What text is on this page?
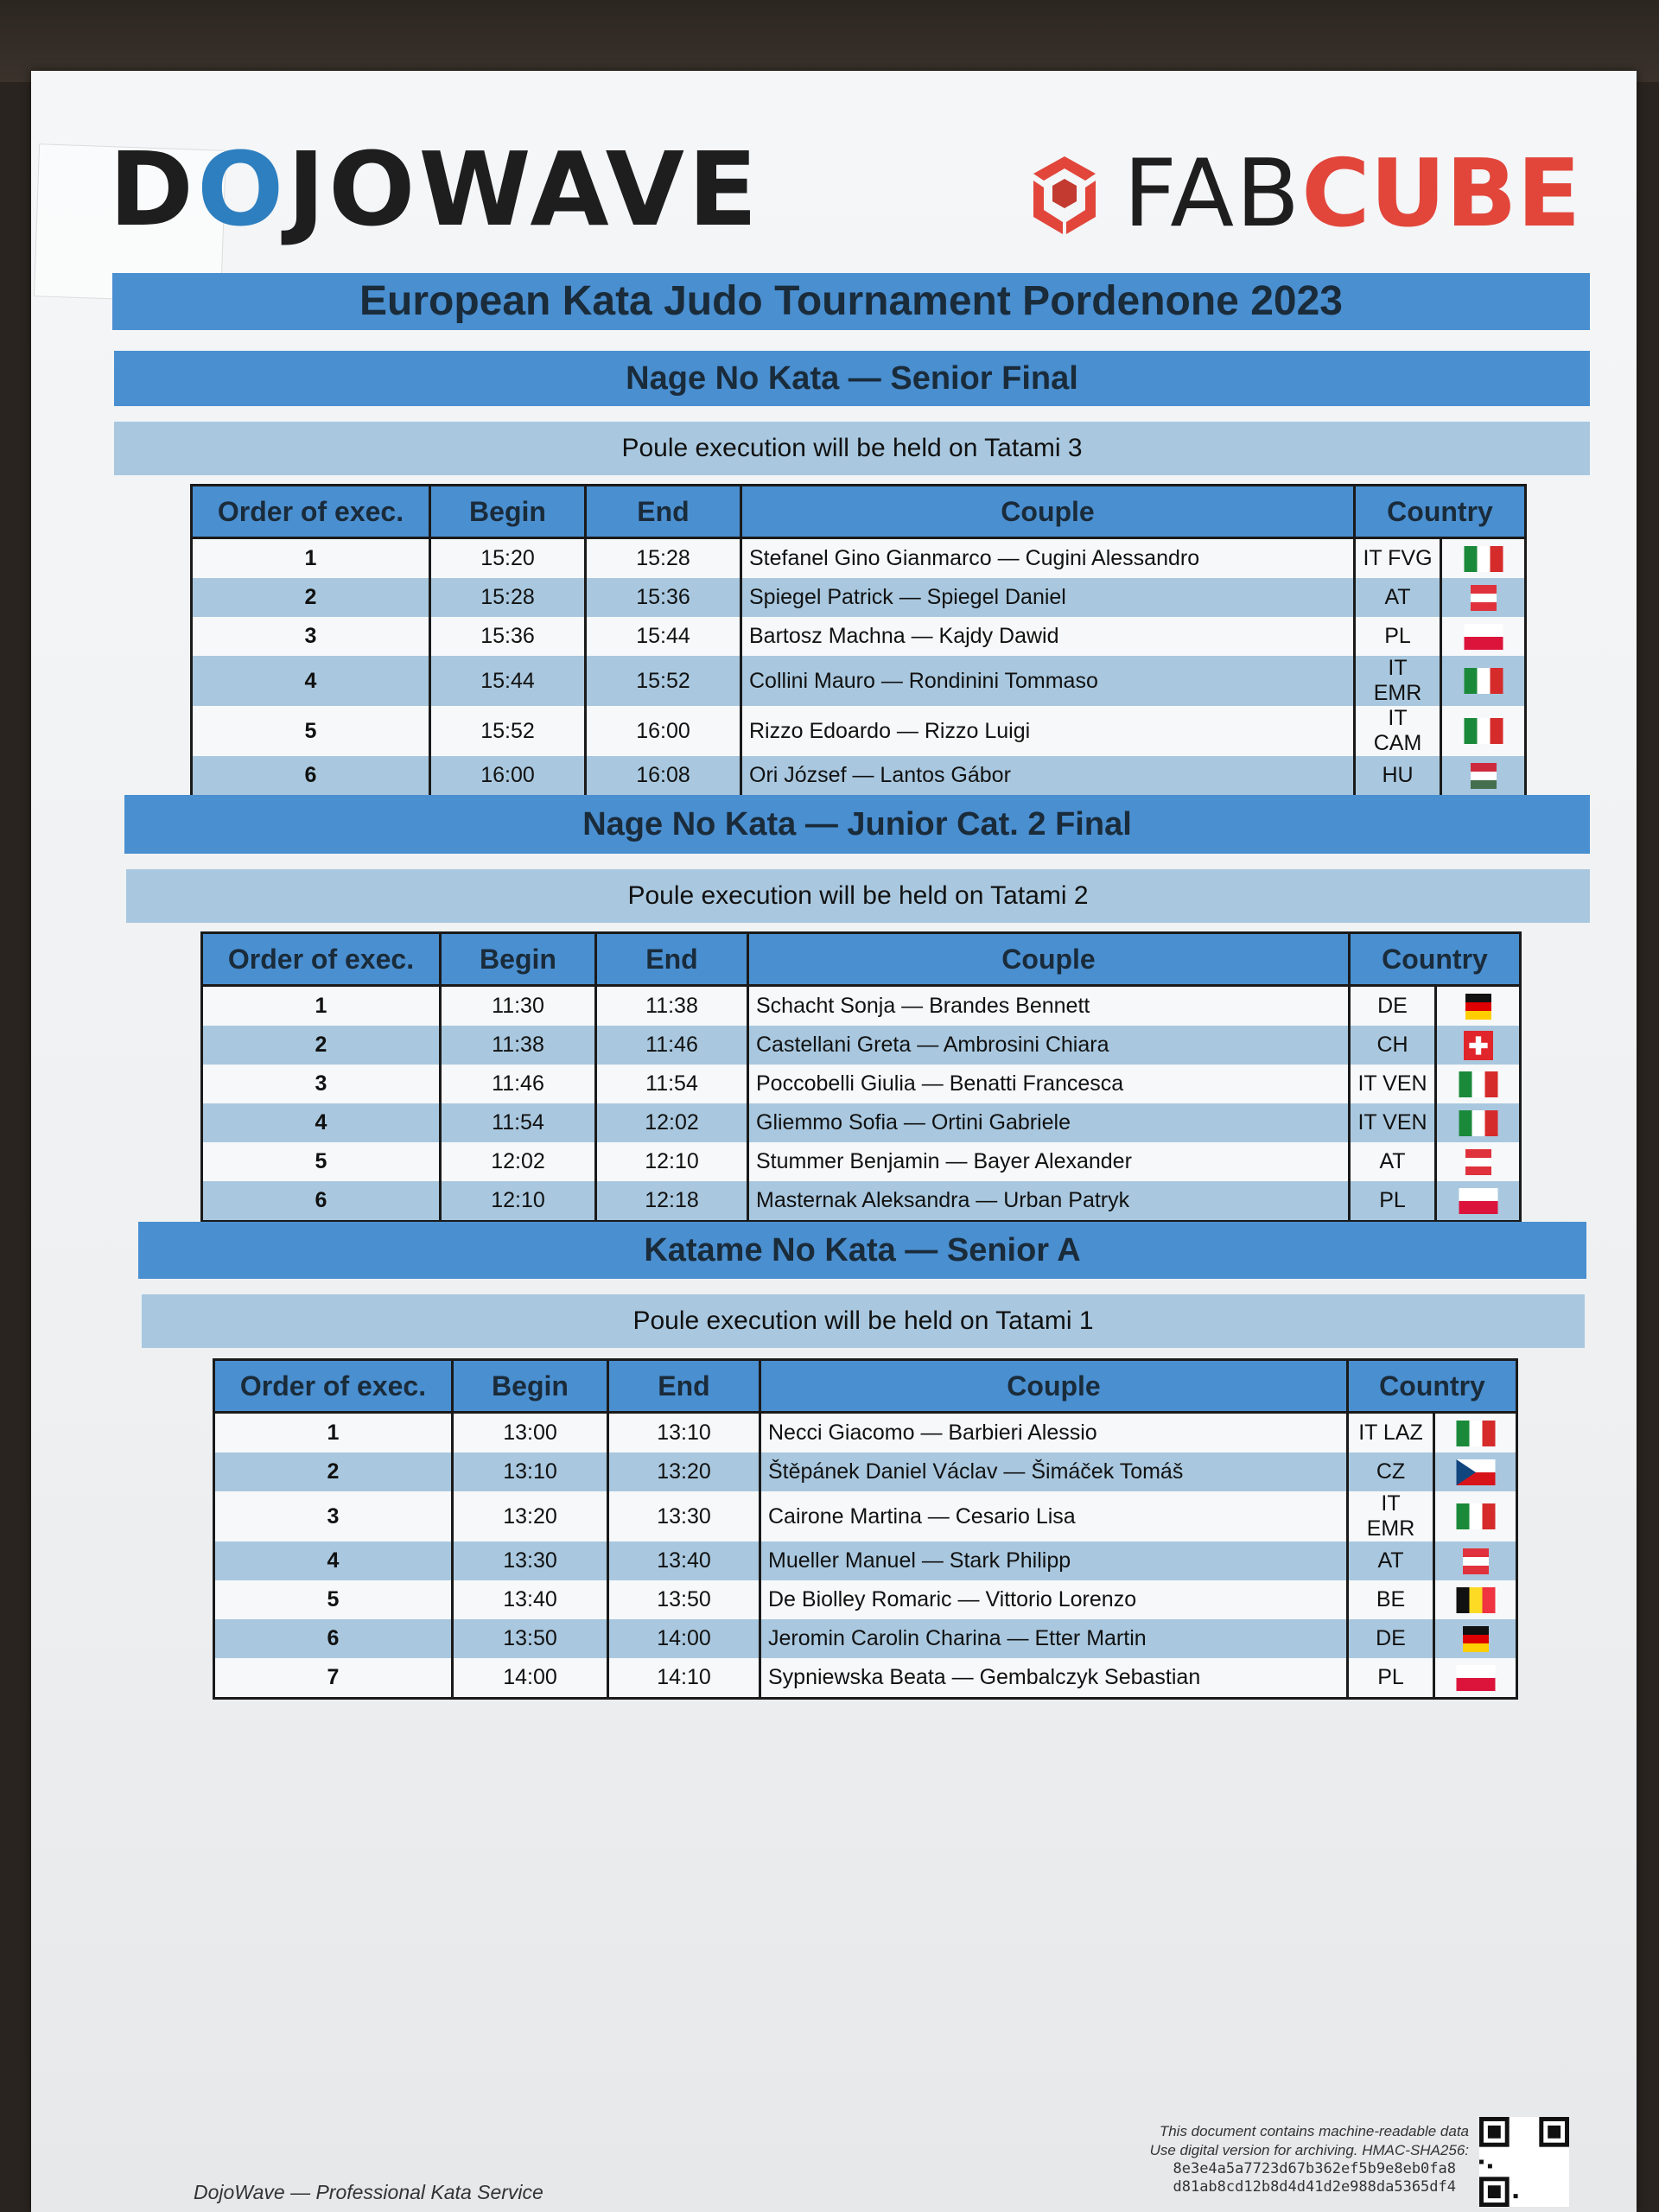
DOJOWAVE	FABCUBE
European Kata Judo Tournament Pordenone 2023
Nage No Kata — Senior Final
Poule execution will be held on Tatami 3
Order of exec.	Begin	End	Couple	Country	
1	15:20	15:28	Stefanel Gino Gianmarco — Cugini Alessandro	IT FVG	
2	15:28	15:36	Spiegel Patrick — Spiegel Daniel	AT	
3	15:36	15:44	Bartosz Machna — Kajdy Dawid	PL	
4	15:44	15:52	Collini Mauro — Rondinini Tommaso	IT EMR	
5	15:52	16:00	Rizzo Edoardo — Rizzo Luigi	IT CAM	
6	16:00	16:08	Ori József — Lantos Gábor	HU	
Nage No Kata — Junior Cat. 2 Final
Poule execution will be held on Tatami 2
Order of exec.	Begin	End	Couple	Country	
1	11:30	11:38	Schacht Sonja — Brandes Bennett	DE	
2	11:38	11:46	Castellani Greta — Ambrosini Chiara	CH	
3	11:46	11:54	Poccobelli Giulia — Benatti Francesca	IT VEN	
4	11:54	12:02	Gliemmo Sofia — Ortini Gabriele	IT VEN	
5	12:02	12:10	Stummer Benjamin — Bayer Alexander	AT	
6	12:10	12:18	Masternak Aleksandra — Urban Patryk	PL	
Katame No Kata — Senior A
Poule execution will be held on Tatami 1
Order of exec.	Begin	End	Couple	Country	
1	13:00	13:10	Necci Giacomo — Barbieri Alessio	IT LAZ	
2	13:10	13:20	Štěpánek Daniel Václav — Šimáček Tomáš	CZ	
3	13:20	13:30	Cairone Martina — Cesario Lisa	IT EMR	
4	13:30	13:40	Mueller Manuel — Stark Philipp	AT	
5	13:40	13:50	De Biolley Romaric — Vittorio Lorenzo	BE	
6	13:50	14:00	Jeromin Carolin Charina — Etter Martin	DE	
7	14:00	14:10	Sypniewska Beata — Gembalczyk Sebastian	PL	
DojoWave — Professional Kata Service
This document contains machine-readable data
Use digital version for archiving. HMAC-SHA256:
8e3e4a5a7723d67b362ef5b9e8eb0fa8
d81ab8cd12b8d4d41d2e988da5365df4
